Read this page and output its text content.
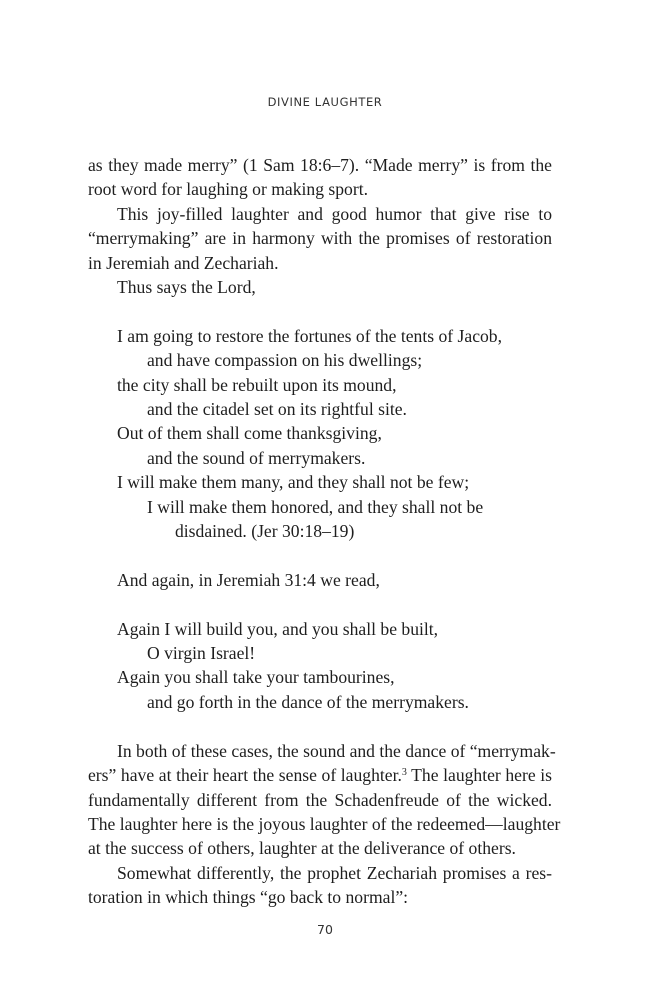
DIVINE LAUGHTER

as they made merry” (1 Sam 18:6–7). “Made merry” is from the
root word for laughing or making sport.

This joy-filled laughter and good humor that give rise to
“merrymaking” are in harmony with the promises of restoration
in Jeremiah and Zechariah.

Thus says the Lord,

I am going to restore the fortunes of the tents of Jacob,
and have compassion on his dwellings;
the city shall be rebuilt upon its mound,
and the citadel set on its rightful site.
Out of them shall come thanksgiving,
and the sound of merrymakers.
I will make them many, and they shall not be few;
I will make them honored, and they shall not be
disdained. (Jer 30:18–19)

And again, in Jeremiah 31:4 we read,

Again I will build you, and you shall be built,
O virgin Israel!
Again you shall take your tambourines,
and go forth in the dance of the merrymakers.

In both of these cases, the sound and the dance of “merrymak-
ers” have at their heart the sense of laughter.$^3$ The laughter here is
fundamentally different from the Schadenfreude of the wicked.
The laughter here is the joyous laughter of the redeemed—laughter
at the success of others, laughter at the deliverance of others.

Somewhat differently, the prophet Zechariah promises a res-
toration in which things “go back to normal”:

70
